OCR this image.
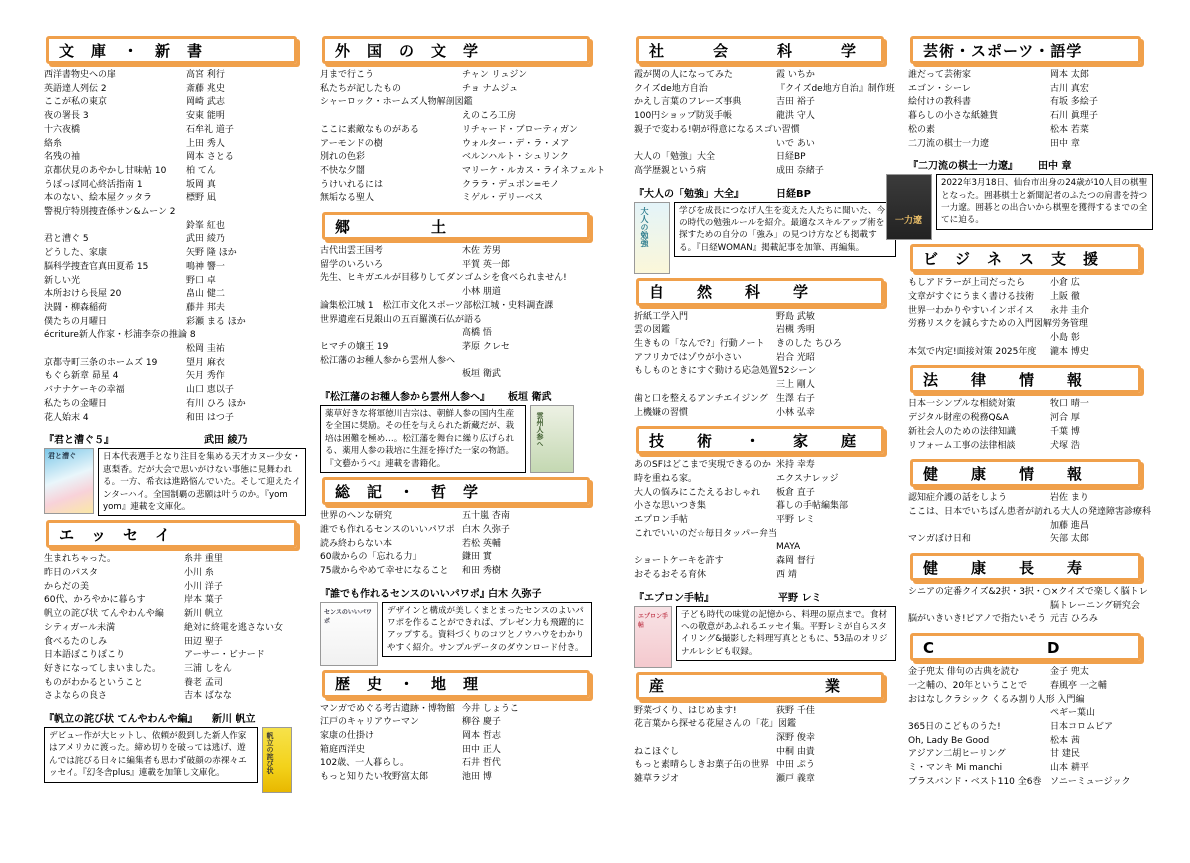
文　庫　・　新　書
西洋書物史への扉	高宮 利行
英語達人列伝 2	斎藤 兆史
ここが私の東京	岡崎 武志
夜の署長 3	安東 能明
十六夜橋	石牟礼 道子
絡糸	上田 秀人
名残の袖	岡本 さとる
京都伏見のあやかし甘味帖 10	柏 てん
うぽっぽ同心終活指南 1	坂岡 真
本のない、絵本屋クッタラ	標野 凪
警視庁特別捜査係サン&ムーン 2
鈴峯 紅也
君と漕ぐ 5	武田 綾乃
どうした、家康	矢野 隆 ほか
脳科学捜査官真田夏希 15	鳴神 響一
新しい光	野口 卓
本所おけら長屋 20	畠山 健二
決闘・柳森稲荷	藤井 邦夫
僕たちの月曜日	彩瀬 まる ほか
écriture新人作家・杉浦李奈の推論 8
松岡 圭祐
京都寺町三条のホームズ 19	望月 麻衣
もぐら新章 昴星 4	矢月 秀作
バナナケーキの幸福	山口 恵以子
私たちの金曜日	有川 ひろ ほか
花人始末 4	和田 はつ子
『君と漕ぐ５』	武田 綾乃
君と漕ぐ	日本代表選手となり注目を集める天才カヌー少女・恵梨香。だが大会で思いがけない事態に見舞われる。一方、希衣は進路悩んでいた。そして迎えたインターハイ。全国制覇の悲願は叶うのか。『yom yom』連載を文庫化。
エ　ッ　セ　イ
生まれちゃった。	糸井 重里
昨日のパスタ	小川 糸
からだの美	小川 洋子
60代、かろやかに暮らす	岸本 葉子
帆立の詫び状 てんやわんや編	新川 帆立
シティガール未満	絶対に終電を逃さない女
食べるたのしみ	田辺 聖子
日本語ぽこりぽこり	アーサー・ビナード
好きになってしまいました。	三浦 しをん
ものがわかるということ	養老 孟司
さよならの良さ	吉本 ばなな
『帆立の詫び状 てんやわんや編』	新川 帆立
デビュー作が大ヒットし、依頼が殺到した新人作家はアメリカに渡った。締め切りを破っては逃げ、遊んでは詫びる日々に編集者も思わず破顔の赤裸々エッセイ。『幻冬舎plus』連載を加筆し文庫化。	帆立の詫び状
外　国　の　文　学
月まで行こう	チャン リュジン
私たちが記したもの	チョ ナムジュ
シャーロック・ホームズ人物解剖図鑑
えのころ工房
ここに素敵なものがある	リチャード・ブローティガン
アーモンドの樹	ウォルター・デ・ラ・メア
別れの色彩	ベルンハルト・シュリンク
不快な夕闇	マリーケ・ルカス・ライネフェルト
うけいれるには	クララ・デュポン=モノ
無垢なる聖人	ミゲル・デリーベス
郷　　　　　土
古代出雲王国考	木佐 芳男
留学のいろいろ	平賀 英一郎
先生、ヒキガエルが目移りしてダンゴムシを食べられません!
小林 朋道
論集松江城 1　松江市文化スポーツ部松江城・史料調査課
世界遺産石見銀山の五百羅漢石仏が語る
高橋 悟
ヒマチの嬢王 19	茅原 クレセ
松江藩のお種人参から雲州人参へ
板垣 衛武
『松江藩のお種人参から雲州人参へ』	板垣 衛武
薬草好きな将軍徳川吉宗は、朝鮮人参の国内生産を全国に奨励。その任を与えられた新藏だが、栽培は困難を極め…。松江藩を舞台に繰り広げられる、薬用人参の栽培に生涯を捧げた一家の物語。『文藝かうべ』連載を書籍化。
雲州人参へ
総　記　・　哲　学
世界のへンな研究	五十嵐 杏南
誰でも作れるセンスのいいパワポ 白木 久弥子
読み終わらない本	若松 英輔
60歳からの「忘れる力」	鎌田 實
75歳からやめて幸せになること	和田 秀樹
『誰でも作れるセンスのいいパワポ』
白木 久弥子
センスのいいパワポ
デザインと構成が美しくまとまったセンスのよいパワポを作ることができれば、プレゼン力も飛躍的にアップする。資料づくりのコツとノウハウをわかりやすく紹介。サンプルデータのダウンロード付き。
歴　史　・　地　理
マンガでめぐる考古遺跡・博物館 今井 しょうこ
江戸のキャリアウーマン	柳谷 慶子
家康の仕掛け	岡本 哲志
箱庭西洋史	田中 正人
102歳、一人暮らし。	石井 哲代
もっと知りたい牧野富太郎	池田 博
社　　　会　　　科　　　学
霞が関の人になってみた	霞 いちか
クイズde地方自治	『クイズde地方自治』制作班
かえし言葉のフレーズ事典	吉田 裕子
100円ショップ防災手帳	龍洪 守人
親子で変わる!朝が得意になるスゴい習慣
いで あい
大人の「勉強」大全	日経BP
高学歴親という病	成田 奈緒子
『大人の「勉強」大全』	日経BP
大人の勉強	学びを成長につなげ人生を変えた人たちに聞いた、今の時代の勉強ルールを紹介。最適なスキルアップ術を探すための自分の「強み」の見つけ方なども掲載する。『日経WOMAN』掲載記事を加筆、再編集。
自　　然　　科　　学
折紙工学入門	野島 武敏
雲の図鑑	岩槻 秀明
生きもの「なんで?」行動ノート	きのした ちひろ
アフリカではゾウが小さい	岩合 光昭
もしものときにすぐ動ける応急処置52シーン
三上 剛人
歯と口を整えるアンチエイジング 生澤 右子
上機嫌の習慣	小林 弘幸
技　　術　　・　　家　　庭
あのSFはどこまで実現できるのか 米持 幸寿
時を重ねる家。	エクスナレッジ
大人の悩みにこたえるおしゃれ	板倉 直子
小さな思いつき集	暮しの手帖編集部
エプロン手帖	平野 レミ
これでいいのだ☆毎日タッパー弁当
MAYA
ショートケーキを許す	森岡 督行
おそるおそる育休	西 靖
『エプロン手帖』	平野 レミ
エプロン手帖
子ども時代の味覚の記憶から、料理の原点まで。食材への敬意があふれるエッセイ集。平野レミが自らスタイリング&撮影した料理写真とともに、53品のオリジナルレシピも収録。
産　　　　　　　　　　業
野菜づくり、はじめます!	荻野 千佳
花言葉から探せる花屋さんの「花」図鑑
深野 俊幸
ねこほぐし	中桐 由貴
もっと素晴らしきお菓子缶の世界 中田 ぷう
雑草ラジオ	瀬戸 義章
芸術・スポーツ・語学
誰だって芸術家	岡本 太郎
エゴン・シーレ	古川 真宏
絵付けの教科書	有坂 多絵子
暮らしの小さな紙雑貨	石川 眞理子
松の素	松本 若菜
二刀流の棋士一力遼	田中 章
『二刀流の棋士一力遼』	田中 章
一力遼
2022年3月18日、仙台市出身の24歳が10人目の棋聖となった。囲碁棋士と新聞記者のふたつの肩書を持つ一力遼。囲碁との出合いから棋聖を獲得するまでの全てに迫る。
ビ　ジ　ネ　ス　支　援
もしアドラーが上司だったら	小倉 広
文章がすぐにうまく書ける技術	上阪 徹
世界一わかりやすいインボイス	永井 圭介
労務リスクを減らすための入門図解労务管理
小島 彰
本気で内定!面接対策 2025年度	瀧本 博史
法　　律　　情　　報
日本一シンプルな相続対策	牧口 晴一
デジタル財産の税務Q&A	河合 厚
新社会人のための法律知識	千葉 博
リフォーム工事の法律相談	犬塚 浩
健　　康　　情　　報
認知症介護の話をしよう	岩佐 まり
ここは、日本でいちばん患者が訪れる大人の発達障害診療科
加藤 進昌
マンガぼけ日和	矢部 太郎
健　　康　　長　　寿
シニアの定番クイズ&2択・3択・○×クイズで楽しく脳トレ
脳トレーニング研究会
脳がいきいき!ピアノで指たいそう 元吉 ひろみ
C　　　　　　　D
金子兜太 俳句の古典を読む	金子 兜太
一之輔の、20年ということで	春風亭 一之輔
おはなしクラシック くるみ割り人形 入門編
ペギー葉山
365日のこどものうた!	日本コロムビア
Oh, Lady Be Good	松本 茜
アジアン二胡ヒーリング	甘 建民
ミ・マンキ Mi manchi	山本 耕平
ブラスバンド・ベスト110 全6巻 ソニーミュージック
